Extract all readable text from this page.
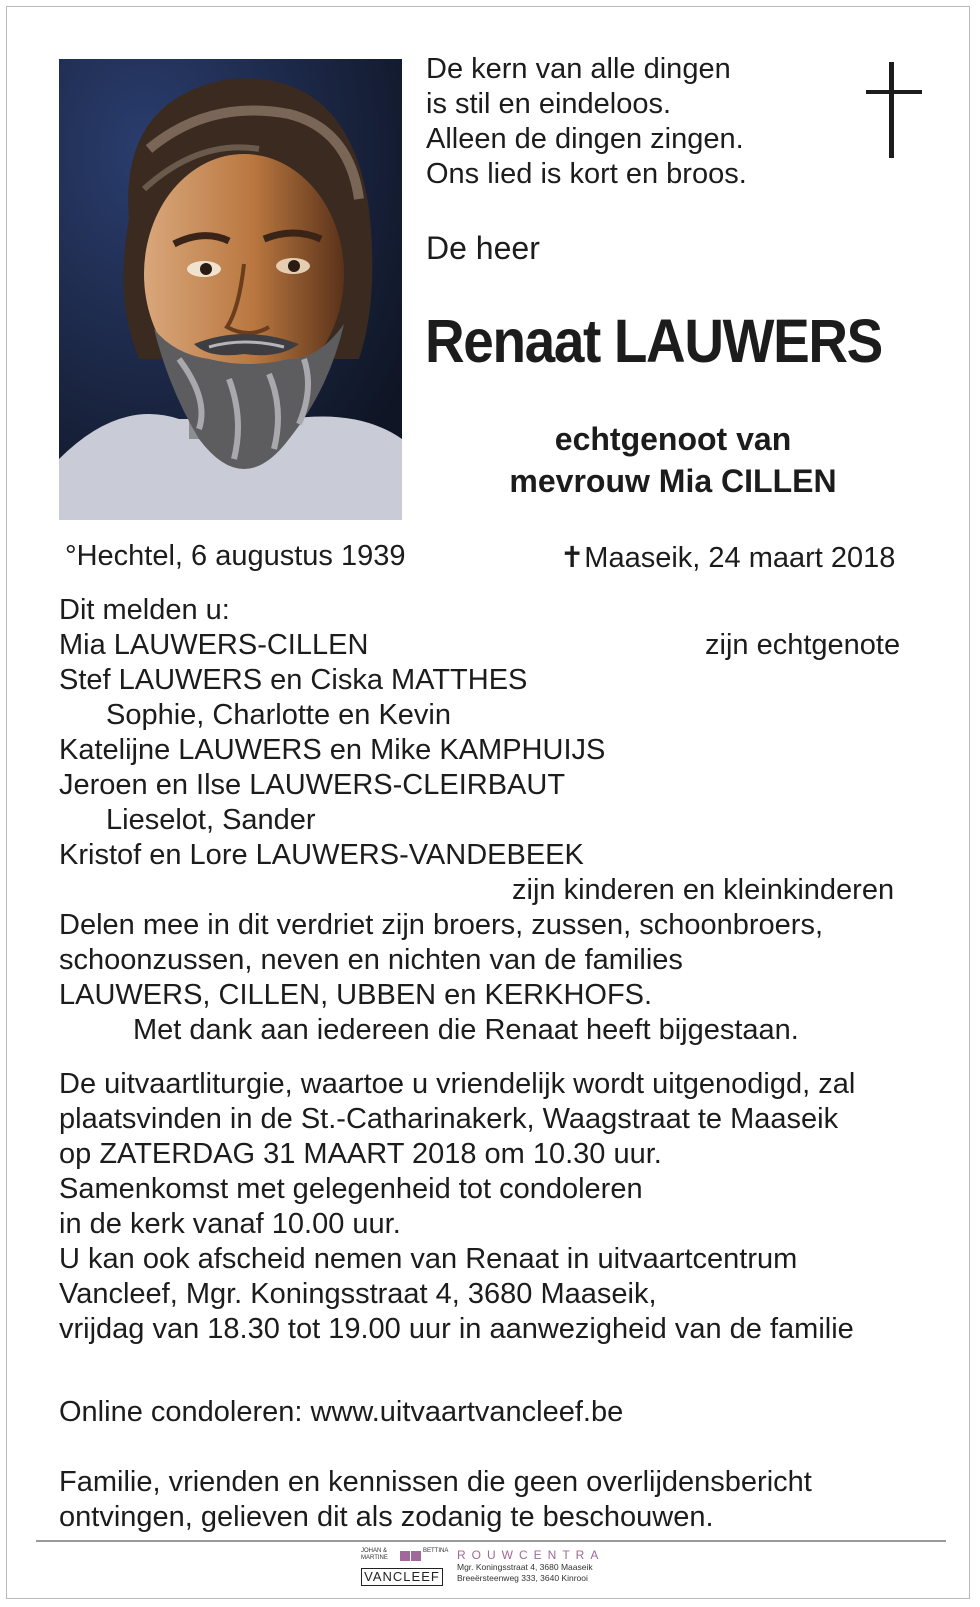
De kern van alle dingen
is stil en eindeloos.
Alleen de dingen zingen.
Ons lied is kort en broos.
De heer
Renaat LAUWERS
echtgenoot van
mevrouw Mia CILLEN
°Hechtel, 6 augustus 1939	✝Maaseik, 24 maart 2018
Dit melden u:
Mia LAUWERS-CILLEN	zijn echtgenote
Stef LAUWERS en Ciska MATTHES
Sophie, Charlotte en Kevin
Katelijne LAUWERS en Mike KAMPHUIJS
Jeroen en Ilse LAUWERS-CLEIRBAUT
Lieselot, Sander
Kristof en Lore LAUWERS-VANDEBEEK
zijn kinderen en kleinkinderen
Delen mee in dit verdriet zijn broers, zussen, schoonbroers,
schoonzussen, neven en nichten van de families
LAUWERS, CILLEN, UBBEN en KERKHOFS.
Met dank aan iedereen die Renaat heeft bijgestaan.
De uitvaartliturgie, waartoe u vriendelijk wordt uitgenodigd, zal
plaatsvinden in de St.-Catharinakerk, Waagstraat te Maaseik
op ZATERDAG 31 MAART 2018 om 10.30 uur.
Samenkomst met gelegenheid tot condoleren
in de kerk vanaf 10.00 uur.
U kan ook afscheid nemen van Renaat in uitvaartcentrum
Vancleef, Mgr. Koningsstraat 4, 3680 Maaseik,
vrijdag van 18.30 tot 19.00 uur in aanwezigheid van de familie
Online condoleren: www.uitvaartvancleef.be
Familie, vrienden en kennissen die geen overlijdensbericht
ontvingen, gelieven dit als zodanig te beschouwen.
JOHAN &
MARTINE
BETTINA
VANCLEEF
ROUWCENTRA
Mgr. Koningsstraat 4, 3680 Maaseik
Breeërsteenweg 333, 3640 Kinrooi
